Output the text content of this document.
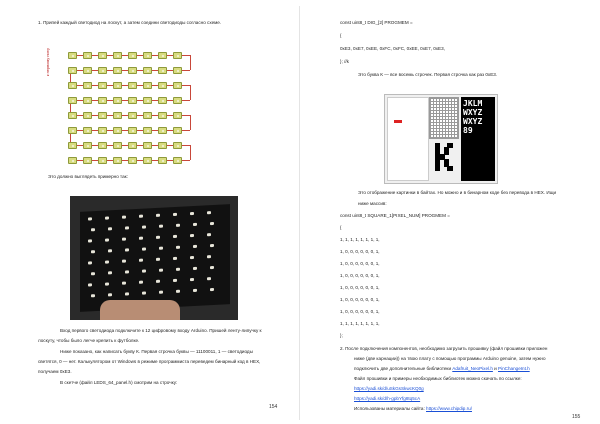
1. Припей каждый светодиод на лоскут, а затем соедини светодиоды согласно схеме.
к первому пину
Это должно выглядеть примерно так:
Вход первого светодиода подключите к 12 цифровому входу Arduino. Пришей ленту-липучку к
лоскуту, чтобы было легче крепить к футболке.
Ниже показано, как написать букву К. Первая строчка буквы — 11100011, 1 — светодиоды
светятся, 0 — нет. Калькулятором от Windows в режиме программиста переведем бинарный код в HEX,
получаем 0хЕ3.
В скетче (файл LEDS_64_panel.h) смотрим на строчку:
154
const uint8_t DIG_[2] PROGMEM =
{
0xE3, 0xE7, 0xEE, 0xFC, 0xFC, 0xEE, 0xE7, 0xE3,
}; //k
Это буква К — все восемь строчек. Первая строчка как раз 0хЕ3.
JKLM
WXYZ
WXYZ
89
Это отображение картинки в байтах. Но можно и в бинарном коде без перевода в HEX. Ищи
ниже массив:
const uint8_t SQUARE_1[PIXEL_NUM] PROGMEM =
{
1, 1, 1, 1, 1, 1, 1, 1,
1, 0, 0, 0, 0, 0, 0, 1,
1, 0, 0, 0, 0, 0, 0, 1,
1, 0, 0, 0, 0, 0, 0, 1,
1, 0, 0, 0, 0, 0, 0, 1,
1, 0, 0, 0, 0, 0, 0, 1,
1, 0, 0, 0, 0, 0, 0, 1,
1, 1, 1, 1, 1, 1, 1, 1,
};
2. После подключения компонентов, необходимо загрузить прошивку (файл прошивки приложен
ниже (две карнации)) на твою плату с помощью программы Arduino genuine, затем нужно
подключить две дополнительные библиотеки Adafruit_NeoPixel.h и PinChangeInt.h
Файл прошивки и примеры необходимых библиотек можно скачать по ссылке:
https://yadi.sk/d/uSkGsSkwcKQ0g
https://yadi.sk/d/h-gpbYfg8tq5cA
Использованы материалы сайта: https://www.chipdip.ru/
155
